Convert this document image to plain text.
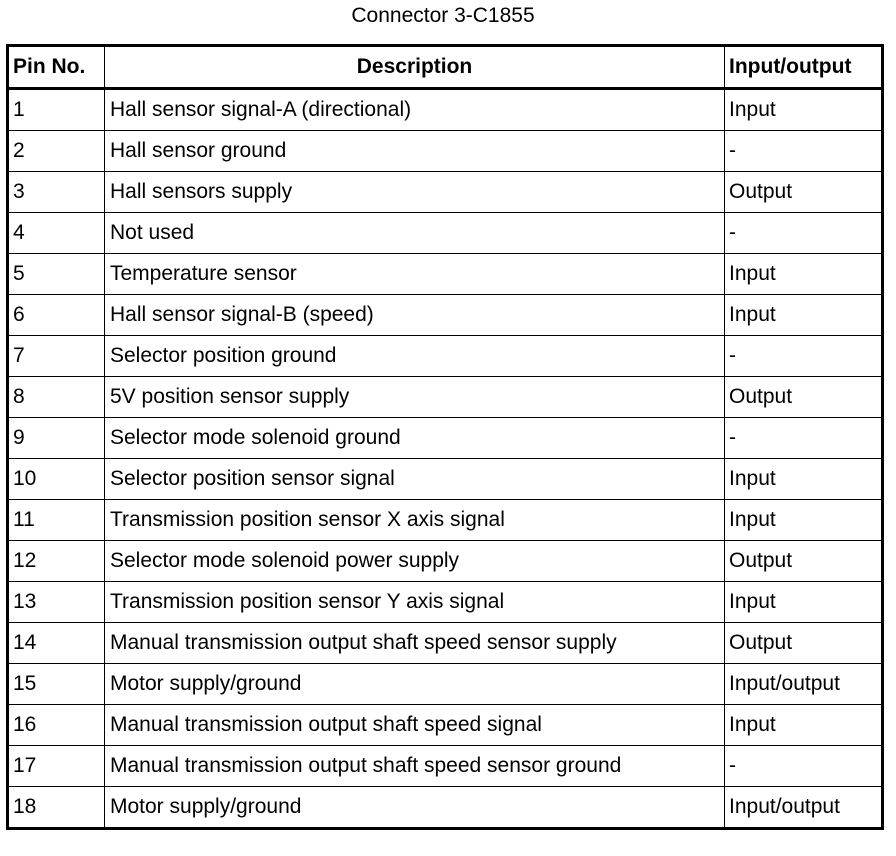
Connector 3-C1855
Pin No.	Description	Input/output
1	Hall sensor signal-A (directional)	Input
2	Hall sensor ground	-
3	Hall sensors supply	Output
4	Not used	-
5	Temperature sensor	Input
6	Hall sensor signal-B (speed)	Input
7	Selector position ground	-
8	5V position sensor supply	Output
9	Selector mode solenoid ground	-
10	Selector position sensor signal	Input
11	Transmission position sensor X axis signal	Input
12	Selector mode solenoid power supply	Output
13	Transmission position sensor Y axis signal	Input
14	Manual transmission output shaft speed sensor supply	Output
15	Motor supply/ground	Input/output
16	Manual transmission output shaft speed signal	Input
17	Manual transmission output shaft speed sensor ground	-
18	Motor supply/ground	Input/output
